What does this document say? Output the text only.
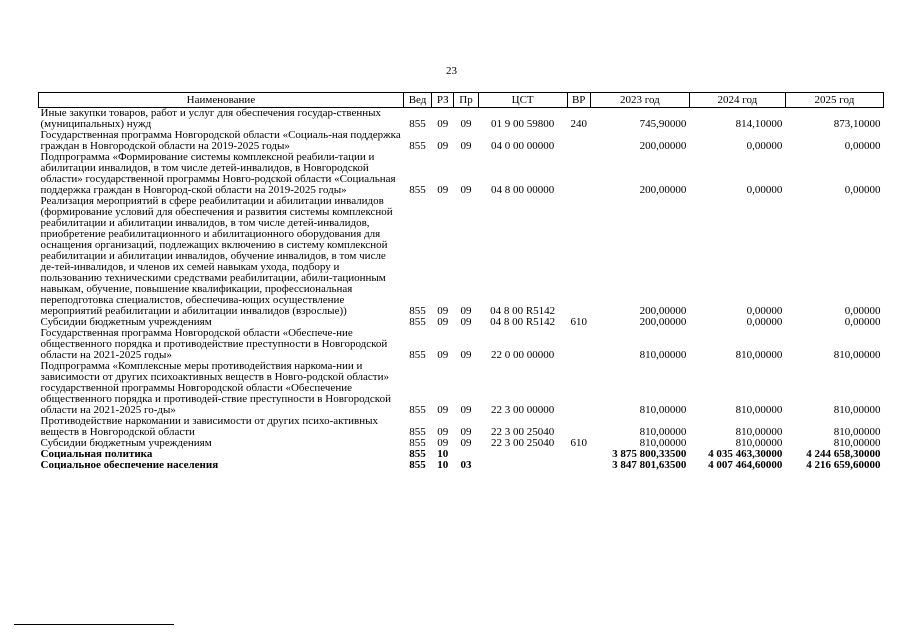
23
Наименование	Вед	РЗ	Пр	ЦСТ	ВР	2023 год	2024 год	2025 год
Иные закупки товаров, работ и услуг для обеспечения государ-ственных (муниципальных) нужд	855	09	09	01 9 00 59800	240	745,90000	814,10000	873,10000
Государственная программа Новгородской области «Социаль-ная поддержка граждан в Новгородской области на 2019-2025 годы»	855	09	09	04 0 00 00000		200,00000	0,00000	0,00000
Подпрограмма «Формирование системы комплексной реабили-тации и абилитации инвалидов, в том числе детей-инвалидов, в Новгородской области» государственной программы Новго-родской области «Социальная поддержка граждан в Новгород-ской области на 2019-2025 годы»	855	09	09	04 8 00 00000		200,00000	0,00000	0,00000
Реализация мероприятий в сфере реабилитации и абилитации инвалидов (формирование условий для обеспечения и развития системы комплексной реабилитации и абилитации инвалидов, в том числе детей-инвалидов, приобретение реабилитационного и абилитационного оборудования для оснащения организаций, подлежащих включению в систему комплексной реабилитации и абилитации инвалидов, обучение инвалидов, в том числе де-тей-инвалидов, и членов их семей навыкам ухода, подбору и пользованию техническими средствами реабилитации, абили-тационным навыкам, обучение, повышение квалификации, профессиональная переподготовка специалистов, обеспечива-ющих осуществление мероприятий реабилитации и абилитации инвалидов (взрослые))	855	09	09	04 8 00 R5142		200,00000	0,00000	0,00000
Субсидии бюджетным учреждениям	855	09	09	04 8 00 R5142	610	200,00000	0,00000	0,00000
Государственная программа Новгородской области «Обеспече-ние общественного порядка и противодействие преступности в Новгородской области на 2021-2025 годы»	855	09	09	22 0 00 00000		810,00000	810,00000	810,00000
Подпрограмма «Комплексные меры противодействия наркома-нии и зависимости от других психоактивных веществ в Новго-родской области» государственной программы Новгородской области «Обеспечение общественного порядка и противодей-ствие преступности в Новгородской области на 2021-2025 го-ды»	855	09	09	22 3 00 00000		810,00000	810,00000	810,00000
Противодействие наркомании и зависимости от других психо-активных веществ в Новгородской области	855	09	09	22 3 00 25040		810,00000	810,00000	810,00000
Субсидии бюджетным учреждениям	855	09	09	22 3 00 25040	610	810,00000	810,00000	810,00000
Социальная политика	855	10				3 875 800,33500	4 035 463,30000	4 244 658,30000
Социальное обеспечение населения	855	10	03			3 847 801,63500	4 007 464,60000	4 216 659,60000
